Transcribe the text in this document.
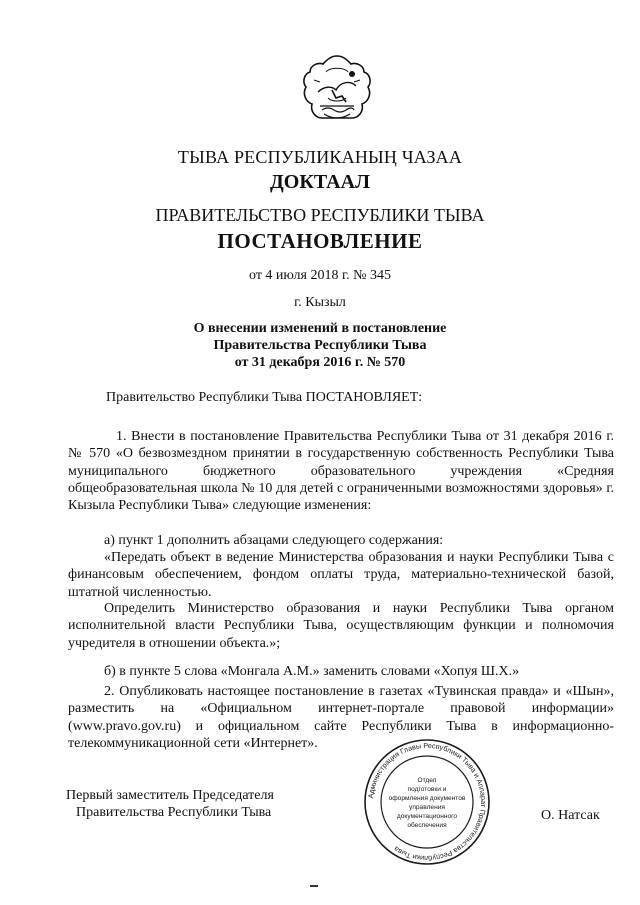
ТЫВА РЕСПУБЛИКАНЫҢ ЧАЗАА
ДОКТААЛ
ПРАВИТЕЛЬСТВО РЕСПУБЛИКИ ТЫВА
ПОСТАНОВЛЕНИЕ
от 4 июля 2018 г. № 345
г. Кызыл
О внесении изменений в постановление
Правительства Республики Тыва
от 31 декабря 2016 г. № 570
Правительство Республики Тыва ПОСТАНОВЛЯЕТ:
1. Внести в постановление Правительства Республики Тыва от 31 декабря 2016 г. № 570 «О безвозмездном принятии в государственную собственность Республики Тыва муниципального бюджетного образовательного учреждения «Средняя общеобразовательная школа № 10 для детей с ограниченными возможностями здоровья» г. Кызыла Республики Тыва» следующие изменения:
а) пункт 1 дополнить абзацами следующего содержания:
«Передать объект в ведение Министерства образования и науки Республики Тыва с финансовым обеспечением, фондом оплаты труда, материально-технической базой, штатной численностью.
Определить Министерство образования и науки Республики Тыва органом исполнительной власти Республики Тыва, осуществляющим функции и полномочия учредителя в отношении объекта.»;
б) в пункте 5 слова «Монгала А.М.» заменить словами «Хопуя Ш.Х.»
2. Опубликовать настоящее постановление в газетах «Тувинская правда» и «Шын», разместить на «Официальном интернет-портале правовой информации» (www.pravo.gov.ru) и официальном сайте Республики Тыва в информационно-телекоммуникационной сети «Интернет».
Администрация Главы Республики Тыва и Аппарат Правительства Республики Тыва
Отдел
подготовки и
оформления документов
управления
документационного
обеспечения
Первый заместитель Председателя
Правительства Республики Тыва	О. Натсак
